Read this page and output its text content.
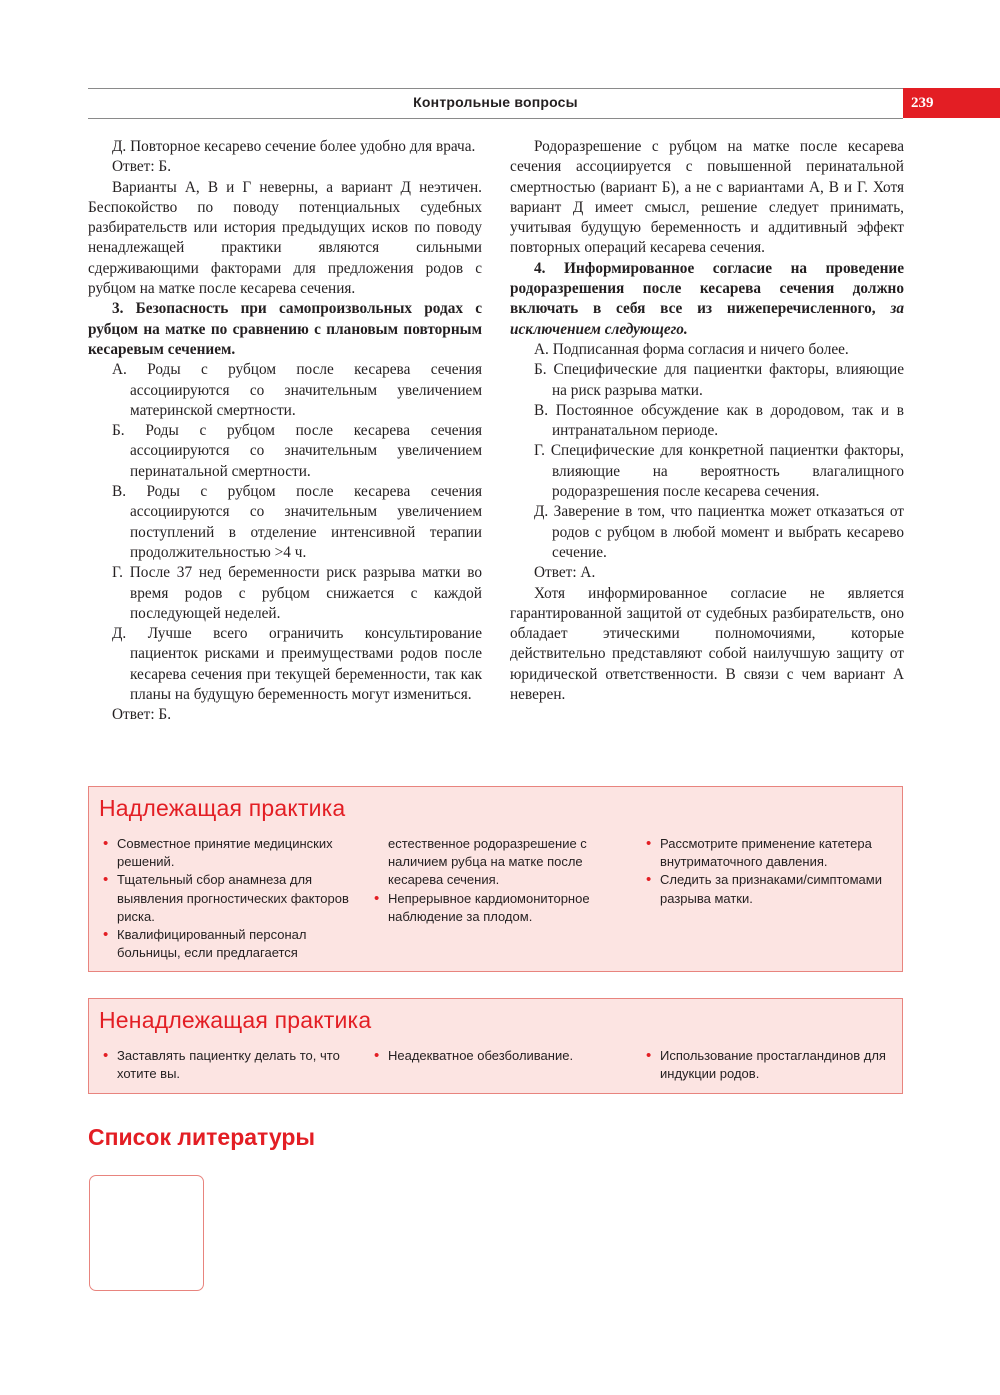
Контрольные вопросы	239
Д. Повторное кесарево сечение более удобно для врача.
Ответ: Б.
Варианты А, В и Г неверны, а вариант Д неэтичен. Беспокойство по поводу потенциальных судебных разбирательств или история предыдущих исков по поводу ненадлежащей практики являются сильными сдерживающими факторами для предложения родов с рубцом на матке после кесарева сечения.
3. Безопасность при самопроизвольных родах с рубцом на матке по сравнению с плановым повторным кесаревым сечением.
А. Роды с рубцом после кесарева сечения ассоциируются со значительным увеличением материнской смертности.
Б. Роды с рубцом после кесарева сечения ассоциируются со значительным увеличением перинатальной смертности.
В. Роды с рубцом после кесарева сечения ассоциируются со значительным увеличением поступлений в отделение интенсивной терапии продолжительностью >4 ч.
Г. После 37 нед беременности риск разрыва матки во время родов с рубцом снижается с каждой последующей неделей.
Д. Лучше всего ограничить консультирование пациенток рисками и преимуществами родов после кесарева сечения при текущей беременности, так как планы на будущую беременность могут измениться.
Ответ: Б.
Родоразрешение с рубцом на матке после кесарева сечения ассоциируется с повышенной перинатальной смертностью (вариант Б), а не с вариантами А, В и Г. Хотя вариант Д имеет смысл, решение следует принимать, учитывая будущую беременность и аддитивный эффект повторных операций кесарева сечения.
4. Информированное согласие на проведение родоразрешения после кесарева сечения должно включать в себя все из нижеперечисленного, за исключением следующего.
А. Подписанная форма согласия и ничего более.
Б. Специфические для пациентки факторы, влияющие на риск разрыва матки.
В. Постоянное обсуждение как в дородовом, так и в интранатальном периоде.
Г. Специфические для конкретной пациентки факторы, влияющие на вероятность влагалищного родоразрешения после кесарева сечения.
Д. Заверение в том, что пациентка может отказаться от родов с рубцом в любой момент и выбрать кесарево сечение.
Ответ: А.
Хотя информированное согласие не является гарантированной защитой от судебных разбирательств, оно обладает этическими полномочиями, которые действительно представляют собой наилучшую защиту от юридической ответственности. В связи с чем вариант А неверен.
Надлежащая практика
• Совместное принятие медицинских решений.
• Тщательный сбор анамнеза для выявления прогностических факторов риска.
• Квалифицированный персонал больницы, если предлагается
естественное родоразрешение с наличием рубца на матке после кесарева сечения.
• Непрерывное кардиомониторное наблюдение за плодом.
• Рассмотрите применение катетера внутриматочного давления.
• Следить за признаками/симптомами разрыва матки.
Ненадлежащая практика
• Заставлять пациентку делать то, что хотите вы.
• Неадекватное обезболивание.
•	Использование простагландинов для индукции родов.
Список литературы
